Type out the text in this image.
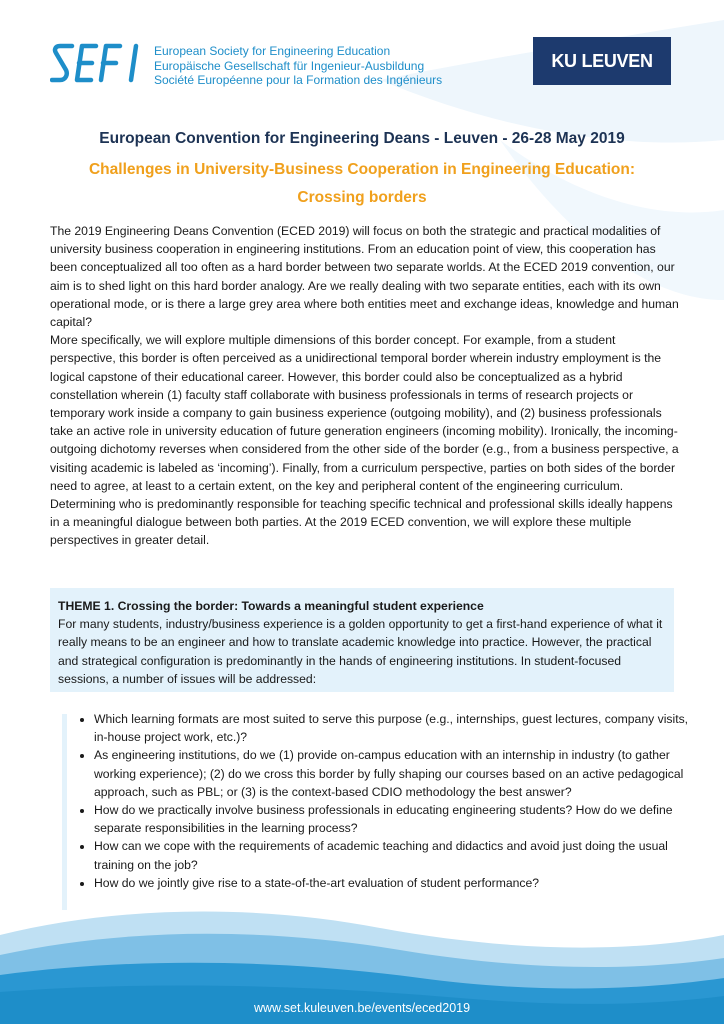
European Society for Engineering Education
Europäische Gesellschaft für Ingenieur-Ausbildung
Société Européenne pour la Formation des Ingénieurs
KU LEUVEN
European Convention for Engineering Deans - Leuven - 26-28 May 2019
Challenges in University-Business Cooperation in Engineering Education: Crossing borders

The 2019 Engineering Deans Convention (ECED 2019) will focus on both the strategic and practical modalities of university business cooperation in engineering institutions. From an education point of view, this cooperation has been conceptualized all too often as a hard border between two separate worlds. At the ECED 2019 convention, our aim is to shed light on this hard border analogy. Are we really dealing with two separate entities, each with its own operational mode, or is there a large grey area where both entities meet and exchange ideas, knowledge and human capital?

More specifically, we will explore multiple dimensions of this border concept. For example, from a student perspective, this border is often perceived as a unidirectional temporal border wherein industry employment is the logical capstone of their educational career. However, this border could also be conceptualized as a hybrid constellation wherein (1) faculty staff collaborate with business professionals in terms of research projects or temporary work inside a company to gain business experience (outgoing mobility), and (2) business professionals take an active role in university education of future generation engineers (incoming mobility). Ironically, the incoming-outgoing dichotomy reverses when considered from the other side of the border (e.g., from a business perspective, a visiting academic is labeled as ‘incoming’). Finally, from a curriculum perspective, parties on both sides of the border need to agree, at least to a certain extent, on the key and peripheral content of the engineering curriculum. Determining who is predominantly responsible for teaching specific technical and professional skills ideally happens in a meaningful dialogue between both parties. At the 2019 ECED convention, we will explore these multiple perspectives in greater detail.

THEME 1. Crossing the border: Towards a meaningful student experience

For many students, industry/business experience is a golden opportunity to get a first-hand experience of what it really means to be an engineer and how to translate academic knowledge into practice. However, the practical and strategical configuration is predominantly in the hands of engineering institutions. In student-focused sessions, a number of issues will be addressed:

• Which learning formats are most suited to serve this purpose (e.g., internships, guest lectures, company visits, in-house project work, etc.)?
• As engineering institutions, do we (1) provide on-campus education with an internship in industry (to gather working experience); (2) do we cross this border by fully shaping our courses based on an active pedagogical approach, such as PBL; or (3) is the context-based CDIO methodology the best answer?
• How do we practically involve business professionals in educating engineering students? How do we define separate responsibilities in the learning process?
• How can we cope with the requirements of academic teaching and didactics and avoid just doing the usual training on the job?
• How do we jointly give rise to a state-of-the-art evaluation of student performance?
www.set.kuleuven.be/events/eced2019
